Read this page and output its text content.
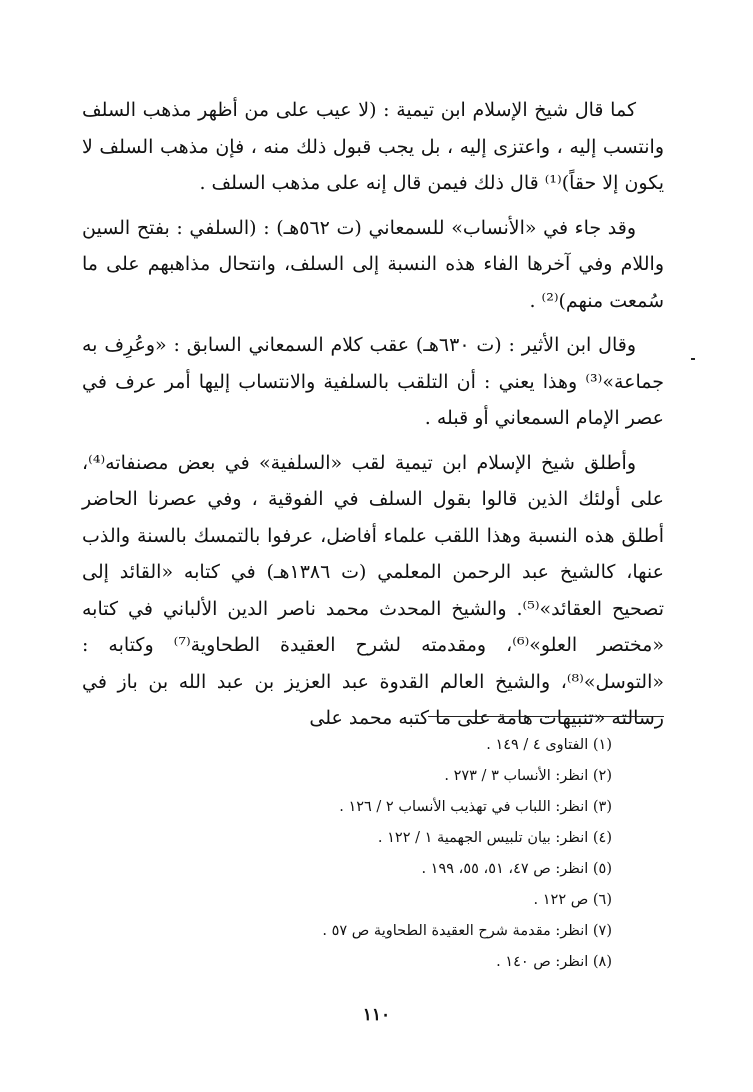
كما قال شيخ الإسلام ابن تيمية : (لا عيب على من أظهر مذهب السلف وانتسب إليه ، واعتزى إليه ، بل يجب قبول ذلك منه ، فإن مذهب السلف لا يكون إلا حقاً)⁽¹⁾ قال ذلك فيمن قال إنه على مذهب السلف .

وقد جاء في «الأنساب» للسمعاني (ت ٥٦٢هـ) : (السلفي : بفتح السين واللام وفي آخرها الفاء هذه النسبة إلى السلف، وانتحال مذاهبهم على ما سُمعت منهم)⁽²⁾ .

وقال ابن الأثير : (ت ٦٣٠هـ) عقب كلام السمعاني السابق : «وعُرِف به جماعة»⁽³⁾ وهذا يعني : أن التلقب بالسلفية والانتساب إليها أمر عرف في عصر الإمام السمعاني أو قبله .

وأطلق شيخ الإسلام ابن تيمية لقب «السلفية» في بعض مصنفاته⁽⁴⁾، على أولئك الذين قالوا بقول السلف في الفوقية ، وفي عصرنا الحاضر أطلق هذه النسبة وهذا اللقب علماء أفاضل، عرفوا بالتمسك بالسنة والذب عنها، كالشيخ عبد الرحمن المعلمي (ت ١٣٨٦هـ) في كتابه «القائد إلى تصحيح العقائد»⁽⁵⁾. والشيخ المحدث محمد ناصر الدين الألباني في كتابه «مختصر العلو»⁽⁶⁾، ومقدمته لشرح العقيدة الطحاوية⁽⁷⁾ وكتابه : «التوسل»⁽⁸⁾، والشيخ العالم القدوة عبد العزيز بن عبد الله بن باز في رسالته «تنبيهات هامة على ما كتبه محمد على

(١) الفتاوى ٤ / ١٤٩ .
(٢) انظر: الأنساب ٣ / ٢٧٣ .
(٣) انظر: اللباب في تهذيب الأنساب ٢ / ١٢٦ .
(٤) انظر: بيان تلبيس الجهمية ١ / ١٢٢ .
(٥) انظر: ص ٤٧، ٥١، ٥٥، ١٩٩ .
(٦) ص ١٢٢ .
(٧) انظر: مقدمة شرح العقيدة الطحاوية ص ٥٧ .
(٨) انظر: ص ١٤٠ .
١١٠
